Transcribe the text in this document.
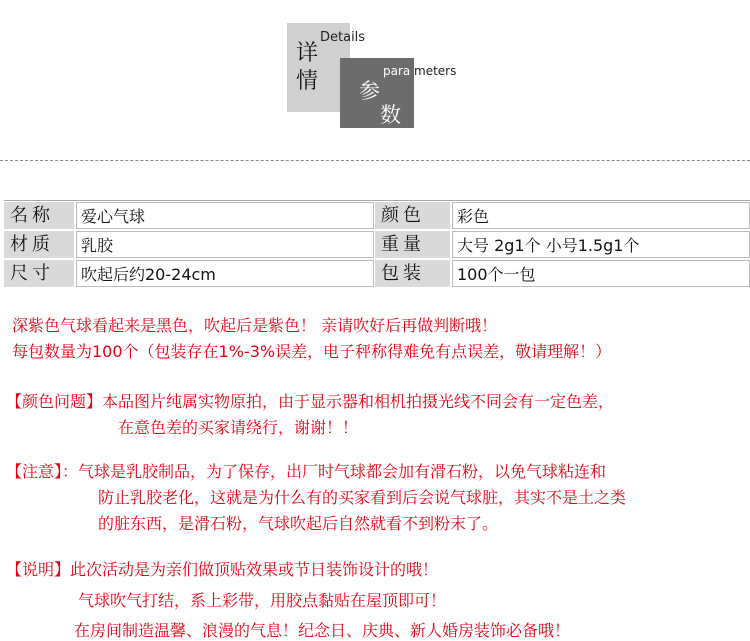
详情
Details
参
数
para meters
名称	爱心气球	颜色	彩色
材质	乳胶	重量	大号 2g1个 小号1.5g1个
尺寸	吹起后约20-24cm	包装	100个一包
深紫色气球看起来是黑色，吹起后是紫色！ 亲请吹好后再做判断哦！
每包数量为100个（包装存在1%-3%误差，电子秤称得难免有点误差，敬请理解！）
【颜色问题】本品图片纯属实物原拍，由于显示器和相机拍摄光线不同会有一定色差，
在意色差的买家请绕行，谢谢！！
【注意】：气球是乳胶制品，为了保存，出厂时气球都会加有滑石粉，以免气球粘连和
防止乳胶老化，这就是为什么有的买家看到后会说气球脏，其实不是土之类
的脏东西，是滑石粉，气球吹起后自然就看不到粉末了。
【说明】此次活动是为亲们做顶贴效果或节日装饰设计的哦！
气球吹气打结，系上彩带，用胶点黏贴在屋顶即可！
在房间制造温馨、浪漫的气息！纪念日、庆典、新人婚房装饰必备哦！
